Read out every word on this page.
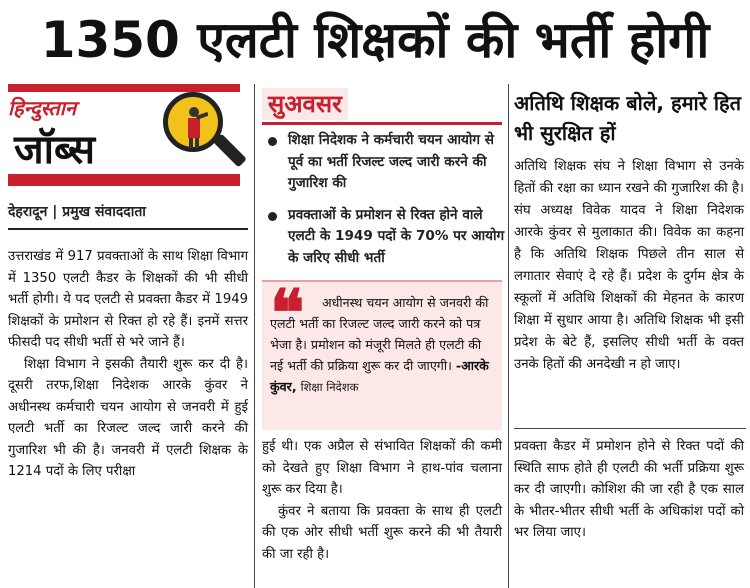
1350 एलटी शिक्षकों की भर्ती होगी
हिन्दुस्तान
जॉब्स
देहरादून | प्रमुख संवाददाता

उत्तराखंड में 917 प्रवक्ताओं के साथ शिक्षा विभाग में 1350 एलटी कैडर के शिक्षकों की भी सीधी भर्ती होगी। ये पद एलटी से प्रवक्ता कैडर में 1949 शिक्षकों के प्रमोशन से रिक्त हो रहे हैं। इनमें सत्तर फीसदी पद सीधी भर्ती से भरे जाने हैं।

शिक्षा विभाग ने इसकी तैयारी शुरू कर दी है। दूसरी तरफ,शिक्षा निदेशक आरके कुंवर ने अधीनस्थ कर्मचारी चयन आयोग से जनवरी में हुई एलटी भर्ती का रिजल्ट जल्द जारी करने की गुजारिश भी की है। जनवरी में एलटी शिक्षक के 1214 पदों के लिए परीक्षा

सुअवसर
शिक्षा निदेशक ने कर्मचारी चयन आयोग से पूर्व का भर्ती रिजल्ट जल्द जारी करने की गुजारिश की
प्रवक्ताओं के प्रमोशन से रिक्त होने वाले एलटी के 1949 पदों के 70% पर आयोग के जरिए सीधी भर्ती
❝	अधीनस्थ चयन आयोग से जनवरी की एलटी भर्ती का रिजल्ट जल्द जारी करने को पत्र भेजा है। प्रमोशन को मंजूरी मिलते ही एलटी की नई भर्ती की प्रक्रिया शुरू कर दी जाएगी। -आरके कुंवर, शिक्षा निदेशक

हुई थी। एक अप्रैल से संभावित शिक्षकों की कमी को देखते हुए शिक्षा विभाग ने हाथ-पांव चलाना शुरू कर दिया है।

कुंवर ने बताया कि प्रवक्ता के साथ ही एलटी की एक ओर सीधी भर्ती शुरू करने की भी तैयारी की जा रही है।

अतिथि शिक्षक बोले, हमारे हित भी सुरक्षित हों
अतिथि शिक्षक संघ ने शिक्षा विभाग से उनके हितों की रक्षा का ध्यान रखने की गुजारिश की है। संघ अध्यक्ष विवेक यादव ने शिक्षा निदेशक आरके कुंवर से मुलाकात की। विवेक का कहना है कि अतिथि शिक्षक पिछले तीन साल से लगातार सेवाएं दे रहे हैं। प्रदेश के दुर्गम क्षेत्र के स्कूलों में अतिथि शिक्षकों की मेहनत के कारण शिक्षा में सुधार आया है। अतिथि शिक्षक भी इसी प्रदेश के बेटे हैं, इसलिए सीधी भर्ती के वक्त उनके हितों की अनदेखी न हो जाए।

प्रवक्ता कैडर में प्रमोशन होने से रिक्त पदों की स्थिति साफ होते ही एलटी की भर्ती प्रक्रिया शुरू कर दी जाएगी। कोशिश की जा रही है एक साल के भीतर-भीतर सीधी भर्ती के अधिकांश पदों को भर लिया जाए।
